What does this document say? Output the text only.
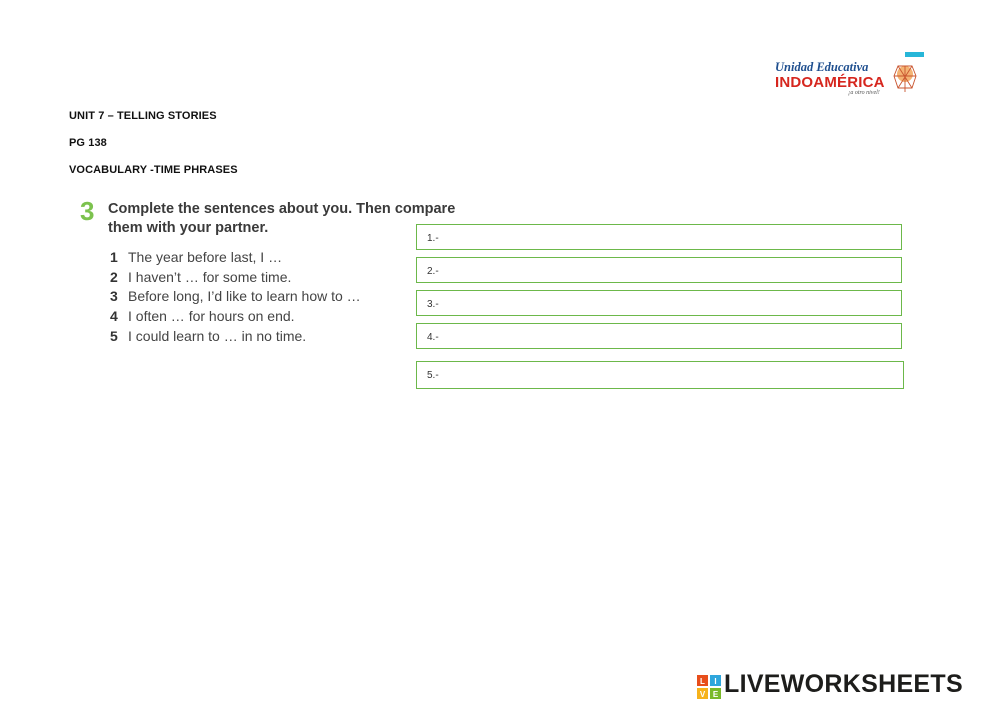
UNIT 7 – TELLING STORIES
PG 138
VOCABULARY -TIME PHRASES
Unidad Educativa
INDOAMÉRICA
¡a otro nivel!
3 Complete the sentences about you. Then compare them with your partner.
1 The year before last, I …
2 I haven’t … for some time.
3 Before long, I’d like to learn how to …
4 I often … for hours on end.
5 I could learn to … in no time.
1.-
2.-
3.-
4.-
5.-
L I
V E LIVEWORKSHEETS
